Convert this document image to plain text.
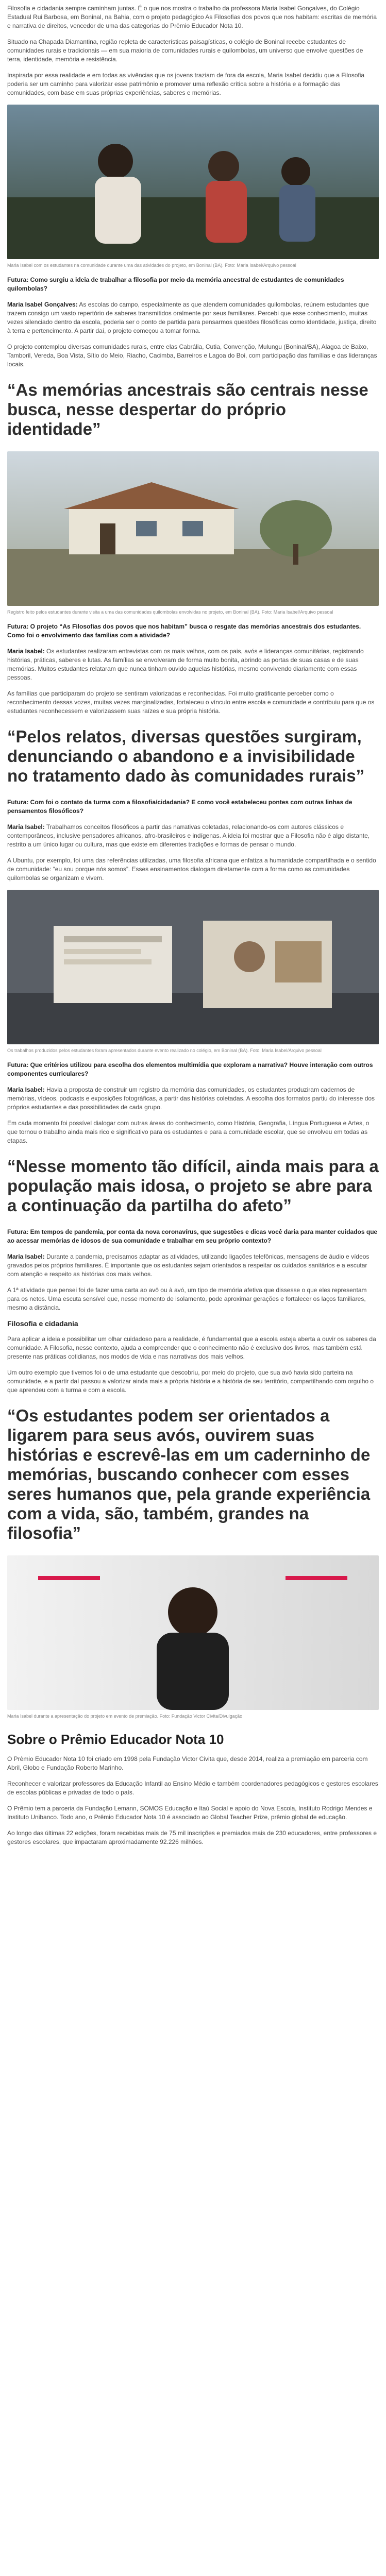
Filosofia e cidadania sempre caminham juntas. É o que nos mostra o trabalho da professora Maria Isabel Gonçalves, do Colégio Estadual Rui Barbosa, em Boninal, na Bahia, com o projeto pedagógico As Filosofias dos povos que nos habitam: escritas de memória e narrativa de direitos, vencedor de uma das categorias do Prêmio Educador Nota 10.

Situado na Chapada Diamantina, região repleta de características paisagísticas, o colégio de Boninal recebe estudantes de comunidades rurais e tradicionais — em sua maioria de comunidades rurais e quilombolas, um universo que envolve questões de terra, identidade, memória e resistência.

Inspirada por essa realidade e em todas as vivências que os jovens traziam de fora da escola, Maria Isabel decidiu que a Filosofia poderia ser um caminho para valorizar esse patrimônio e promover uma reflexão crítica sobre a história e a formação das comunidades, com base em suas próprias experiências, saberes e memórias.

Maria Isabel com os estudantes na comunidade durante uma das atividades do projeto, em Boninal (BA). Foto: Maria Isabel/Arquivo pessoal

Futura: Como surgiu a ideia de trabalhar a filosofia por meio da memória ancestral de estudantes de comunidades quilombolas?

Maria Isabel Gonçalves: As escolas do campo, especialmente as que atendem comunidades quilombolas, reúnem estudantes que trazem consigo um vasto repertório de saberes transmitidos oralmente por seus familiares. Percebi que esse conhecimento, muitas vezes silenciado dentro da escola, poderia ser o ponto de partida para pensarmos questões filosóficas como identidade, justiça, direito à terra e pertencimento. A partir daí, o projeto começou a tomar forma.

O projeto contemplou diversas comunidades rurais, entre elas Cabrália, Cutia, Convenção, Mulungu (Boninal/BA), Alagoa de Baixo, Tamboril, Vereda, Boa Vista, Sítio do Meio, Riacho, Cacimba, Barreiros e Lagoa do Boi, com participação das famílias e das lideranças locais.

“As memórias ancestrais são centrais nesse busca, nesse despertar do próprio identidade”
Registro feito pelos estudantes durante visita a uma das comunidades quilombolas envolvidas no projeto, em Boninal (BA). Foto: Maria Isabel/Arquivo pessoal

Futura: O projeto “As Filosofias dos povos que nos habitam” busca o resgate das memórias ancestrais dos estudantes. Como foi o envolvimento das famílias com a atividade?

Maria Isabel: Os estudantes realizaram entrevistas com os mais velhos, com os pais, avós e lideranças comunitárias, registrando histórias, práticas, saberes e lutas. As famílias se envolveram de forma muito bonita, abrindo as portas de suas casas e de suas memórias. Muitos estudantes relataram que nunca tinham ouvido aquelas histórias, mesmo convivendo diariamente com essas pessoas.

As famílias que participaram do projeto se sentiram valorizadas e reconhecidas. Foi muito gratificante perceber como o reconhecimento dessas vozes, muitas vezes marginalizadas, fortaleceu o vínculo entre escola e comunidade e contribuiu para que os estudantes reconhecessem e valorizassem suas raízes e sua própria história.

“Pelos relatos, diversas questões surgiram, denunciando o abandono e a invisibilidade no tratamento dado às comunidades rurais”

Futura: Com foi o contato da turma com a filosofia/cidadania? E como você estabeleceu pontes com outras linhas de pensamentos filosóficos?

Maria Isabel: Trabalhamos conceitos filosóficos a partir das narrativas coletadas, relacionando-os com autores clássicos e contemporâneos, inclusive pensadores africanos, afro-brasileiros e indígenas. A ideia foi mostrar que a Filosofia não é algo distante, restrito a um único lugar ou cultura, mas que existe em diferentes tradições e formas de pensar o mundo.

A Ubuntu, por exemplo, foi uma das referências utilizadas, uma filosofia africana que enfatiza a humanidade compartilhada e o sentido de comunidade: “eu sou porque nós somos”. Esses ensinamentos dialogam diretamente com a forma como as comunidades quilombolas se organizam e vivem.

Os trabalhos produzidos pelos estudantes foram apresentados durante evento realizado no colégio, em Boninal (BA). Foto: Maria Isabel/Arquivo pessoal

Futura: Que critérios utilizou para escolha dos elementos multimídia que exploram a narrativa? Houve interação com outros componentes curriculares?

Maria Isabel: Havia a proposta de construir um registro da memória das comunidades, os estudantes produziram cadernos de memórias, vídeos, podcasts e exposições fotográficas, a partir das histórias coletadas. A escolha dos formatos partiu do interesse dos próprios estudantes e das possibilidades de cada grupo.

Em cada momento foi possível dialogar com outras áreas do conhecimento, como História, Geografia, Língua Portuguesa e Artes, o que tornou o trabalho ainda mais rico e significativo para os estudantes e para a comunidade escolar, que se envolveu em todas as etapas.

“Nesse momento tão difícil, ainda mais para a população mais idosa, o projeto se abre para a continuação da partilha do afeto”

Futura: Em tempos de pandemia, por conta da nova coronavírus, que sugestões e dicas você daria para manter cuidados que ao acessar memórias de idosos de sua comunidade e trabalhar em seu próprio contexto?

Maria Isabel: Durante a pandemia, precisamos adaptar as atividades, utilizando ligações telefônicas, mensagens de áudio e vídeos gravados pelos próprios familiares. É importante que os estudantes sejam orientados a respeitar os cuidados sanitários e a escutar com atenção e respeito as histórias dos mais velhos.

A 1ª atividade que pensei foi de fazer uma carta ao avô ou à avó, um tipo de memória afetiva que dissesse o que eles representam para os netos. Uma escuta sensível que, nesse momento de isolamento, pode aproximar gerações e fortalecer os laços familiares, mesmo a distância.

Filosofia e cidadania

Para aplicar a ideia e possibilitar um olhar cuidadoso para a realidade, é fundamental que a escola esteja aberta a ouvir os saberes da comunidade. A Filosofia, nesse contexto, ajuda a compreender que o conhecimento não é exclusivo dos livros, mas também está presente nas práticas cotidianas, nos modos de vida e nas narrativas dos mais velhos.

Um outro exemplo que tivemos foi o de uma estudante que descobriu, por meio do projeto, que sua avó havia sido parteira na comunidade, e a partir daí passou a valorizar ainda mais a própria história e a história de seu território, compartilhando com orgulho o que aprendeu com a turma e com a escola.

“Os estudantes podem ser orientados a ligarem para seus avós, ouvirem suas histórias e escrevê-las em um caderninho de memórias, buscando conhecer com esses seres humanos que, pela grande experiência com a vida, são, também, grandes na filosofia”
Maria Isabel durante a apresentação do projeto em evento de premiação. Foto: Fundação Victor Civita/Divulgação
Sobre o Prêmio Educador Nota 10

O Prêmio Educador Nota 10 foi criado em 1998 pela Fundação Victor Civita que, desde 2014, realiza a premiação em parceria com Abril, Globo e Fundação Roberto Marinho.

Reconhecer e valorizar professores da Educação Infantil ao Ensino Médio e também coordenadores pedagógicos e gestores escolares de escolas públicas e privadas de todo o país.

O Prêmio tem a parceria da Fundação Lemann, SOMOS Educação e Itaú Social e apoio do Nova Escola, Instituto Rodrigo Mendes e Instituto Unibanco. Todo ano, o Prêmio Educador Nota 10 é associado ao Global Teacher Prize, prêmio global de educação.

Ao longo das últimas 22 edições, foram recebidas mais de 75 mil inscrições e premiados mais de 230 educadores, entre professores e gestores escolares, que impactaram aproximadamente 92.226 milhões.
